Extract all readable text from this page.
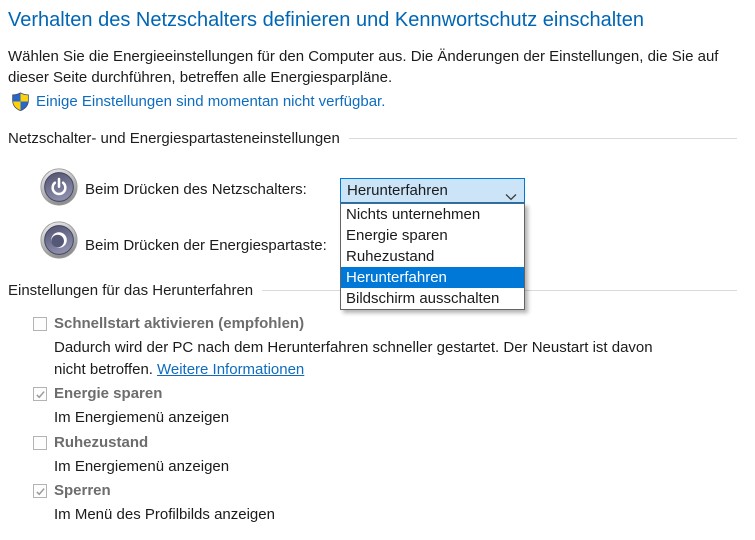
Verhalten des Netzschalters definieren und Kennwortschutz einschalten

Wählen Sie die Energieeinstellungen für den Computer aus. Die Änderungen der Einstellungen, die Sie auf dieser Seite durchführen, betreffen alle Energiesparpläne.

Einige Einstellungen sind momentan nicht verfügbar.
Netzschalter- und Energiespartasteneinstellungen
Beim Drücken des Netzschalters:
Beim Drücken der Energiespartaste:
Einstellungen für das Herunterfahren
Herunterfahren
Nichts unternehmen
Energie sparen
Ruhezustand
Herunterfahren
Bildschirm ausschalten
Schnellstart aktivieren (empfohlen)
Dadurch wird der PC nach dem Herunterfahren schneller gestartet. Der Neustart ist davon nicht betroffen. Weitere Informationen
Energie sparen
Im Energiemenü anzeigen
Ruhezustand
Im Energiemenü anzeigen
Sperren
Im Menü des Profilbilds anzeigen
